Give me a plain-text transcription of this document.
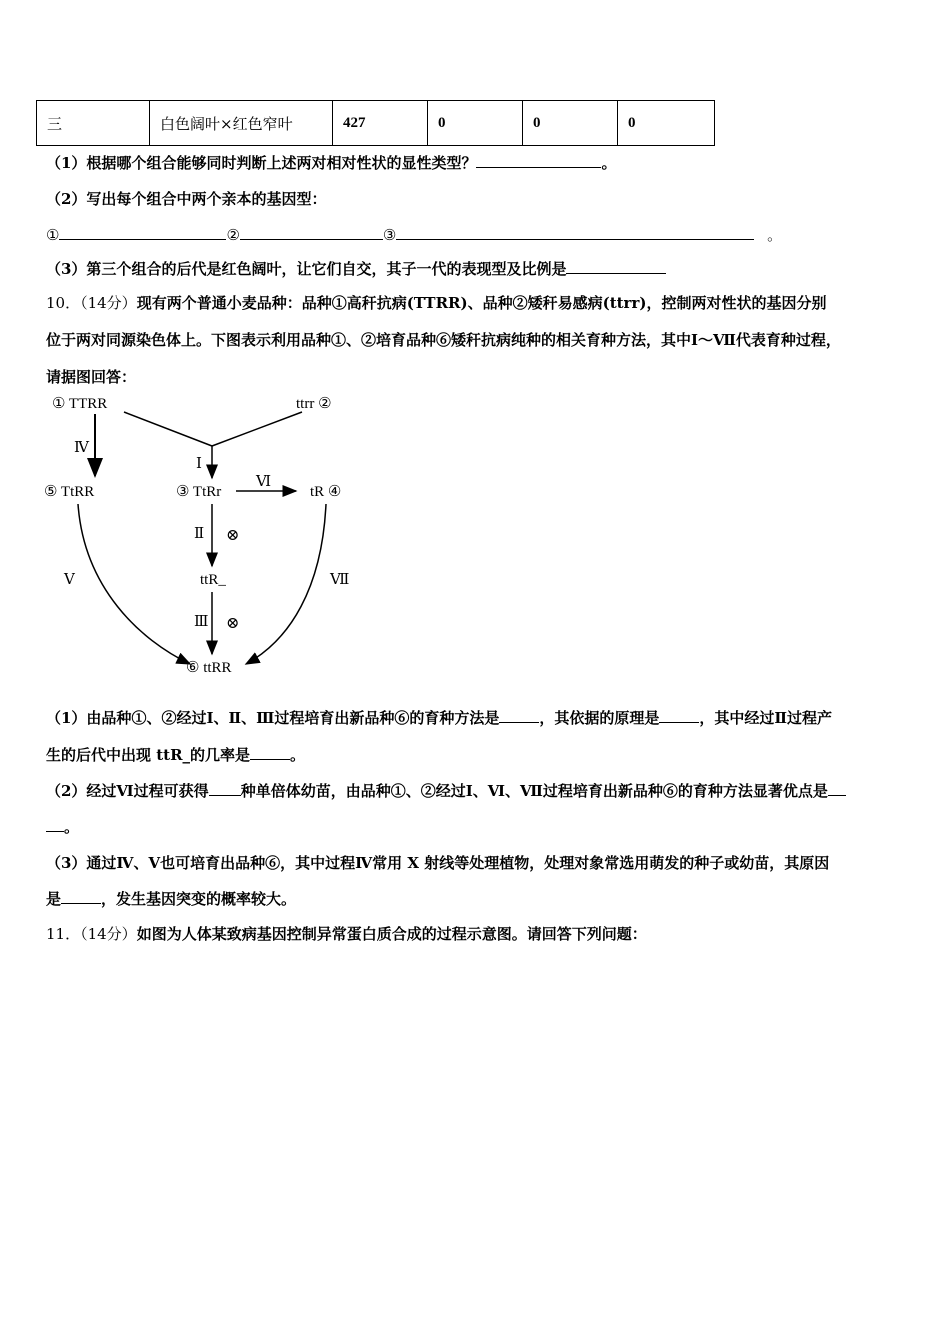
三	白色阔叶×红色窄叶	427	0	0	0
（1）根据哪个组合能够同时判断上述两对相对性状的显性类型？	。
（2）写出每个组合中两个亲本的基因型：
①	②	③	。
（3）第三个组合的后代是红色阔叶，让它们自交，其子一代的表现型及比例是
10．（14分）现有两个普通小麦品种：品种①高秆抗病(TTRR)、品种②矮秆易感病(ttrr)，控制两对性状的基因分别
位于两对同源染色体上。下图表示利用品种①、②培育品种⑥矮秆抗病纯种的相关育种方法，其中Ⅰ～Ⅶ代表育种过程，
请据图回答：
① TTRR	ttrr ②
⑤ TtRR	③ TtRr	tR ④
ttR_
⑥ ttRR
Ⅰ
Ⅳ
Ⅵ
Ⅱ ⊗
Ⅲ ⊗
Ⅴ	Ⅶ
（1）由品种①、②经过Ⅰ、Ⅱ、Ⅲ过程培育出新品种⑥的育种方法是	，其依据的原理是	，其中经过Ⅱ过程产
生的后代中出现 ttR_的几率是	。
（2）经过Ⅵ过程可获得 种单倍体幼苗，由品种①、②经过Ⅰ、Ⅵ、Ⅶ过程培育出新品种⑥的育种方法显著优点是
。
（3）通过Ⅳ、Ⅴ也可培育出品种⑥，其中过程Ⅳ常用 X 射线等处理植物，处理对象常选用萌发的种子或幼苗，其原因
是	，发生基因突变的概率较大。
11．（14分）如图为人体某致病基因控制异常蛋白质合成的过程示意图。请回答下列问题：
